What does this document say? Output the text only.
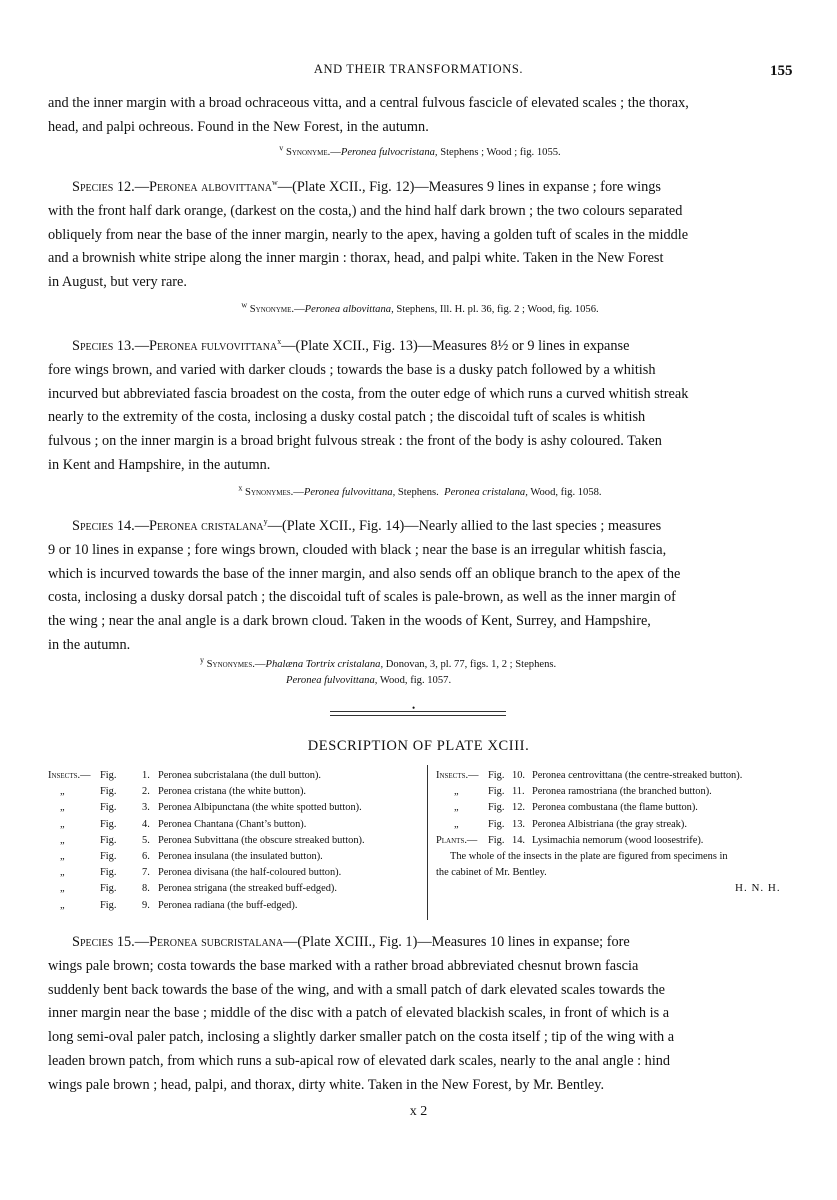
AND THEIR TRANSFORMATIONS.	155

and the inner margin with a broad ochraceous vitta, and a central fulvous fascicle of elevated scales ; the thorax,
head, and palpi ochreous. Found in the New Forest, in the autumn.

$^v$ Synonyme.—Peronea fulvocristana, Stephens ; Wood ; fig. 1055.

Species 12.—Peronea albovittana$^w$—(Plate XCII., Fig. 12)—Measures 9 lines in expanse ; fore wings
with the front half dark orange, (darkest on the costa,) and the hind half dark brown ; the two colours separated
obliquely from near the base of the inner margin, nearly to the apex, having a golden tuft of scales in the middle
and a brownish white stripe along the inner margin : thorax, head, and palpi white. Taken in the New Forest
in August, but very rare.

$^w$ Synonyme.—Peronea albovittana, Stephens, Ill. H. pl. 36, fig. 2 ; Wood, fig. 1056.

Species 13.—Peronea fulvovittana$^x$—(Plate XCII., Fig. 13)—Measures 8½ or 9 lines in expanse
fore wings brown, and varied with darker clouds ; towards the base is a dusky patch followed by a whitish
incurved but abbreviated fascia broadest on the costa, from the outer edge of which runs a curved whitish streak
nearly to the extremity of the costa, inclosing a dusky costal patch ; the discoidal tuft of scales is whitish
fulvous ; on the inner margin is a broad bright fulvous streak : the front of the body is ashy coloured. Taken
in Kent and Hampshire, in the autumn.

$^x$ Synonymes.—Peronea fulvovittana, Stephens. Peronea cristalana, Wood, fig. 1058.

Species 14.—Peronea cristalana$^y$—(Plate XCII., Fig. 14)—Nearly allied to the last species ; measures
9 or 10 lines in expanse ; fore wings brown, clouded with black ; near the base is an irregular whitish fascia,
which is incurved towards the base of the inner margin, and also sends off an oblique branch to the apex of the
costa, inclosing a dusky dorsal patch ; the discoidal tuft of scales is pale-brown, as well as the inner margin of
the wing ; near the anal angle is a dark brown cloud. Taken in the woods of Kent, Surrey, and Hampshire,
in the autumn.

$^y$ Synonymes.—Phalæna Tortrix cristalana, Donovan, 3, pl. 77, figs. 1, 2 ; Stephens.

Peronea fulvovittana, Wood, fig. 1057.

•
DESCRIPTION OF PLATE XCIII.
Insects.— Fig.	1. Peronea subcristalana (the dull button).
„	Fig.	2. Peronea cristana (the white button).
„	Fig.	3. Peronea Albipunctana (the white spotted button).
„	Fig.	4. Peronea Chantana (Chant’s button).
„	Fig.	5. Peronea Subvittana (the obscure streaked button).
„	Fig.	6. Peronea insulana (the insulated button).
„	Fig.	7. Peronea divisana (the half-coloured button).
„	Fig.	8. Peronea strigana (the streaked buff-edged).
„	Fig.	9. Peronea radiana (the buff-edged).
Insects.— Fig. 10. Peronea centrovittana (the centre-streaked button).
„	Fig. 11. Peronea ramostriana (the branched button).
„	Fig. 12. Peronea combustana (the flame button).
„	Fig. 13. Peronea Albistriana (the gray streak).
Plants.—	Fig. 14. Lysimachia nemorum (wood loosestrife).
The whole of the insects in the plate are figured from specimens in
the cabinet of Mr. Bentley.
H. N. H.

Species 15.—Peronea subcristalana—(Plate XCIII., Fig. 1)—Measures 10 lines in expanse; fore
wings pale brown; costa towards the base marked with a rather broad abbreviated chesnut brown fascia
suddenly bent back towards the base of the wing, and with a small patch of dark elevated scales towards the
inner margin near the base ; middle of the disc with a patch of elevated blackish scales, in front of which is a
long semi-oval paler patch, inclosing a slightly darker smaller patch on the costa itself ; tip of the wing with a
leaden brown patch, from which runs a sub-apical row of elevated dark scales, nearly to the anal angle : hind
wings pale brown ; head, palpi, and thorax, dirty white. Taken in the New Forest, by Mr. Bentley.

x 2
